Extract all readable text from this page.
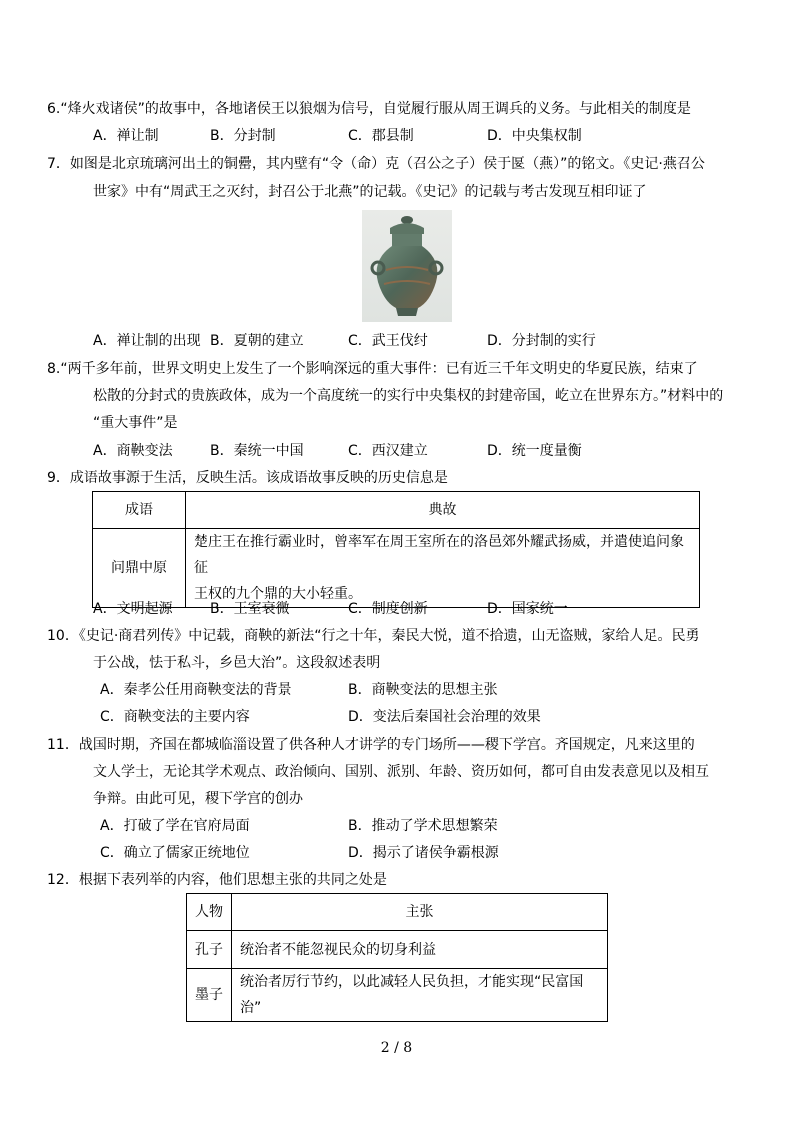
6.“烽火戏诸侯”的故事中，各地诸侯王以狼烟为信号，自觉履行服从周王调兵的义务。与此相关的制度是
A．禅让制	B．分封制	C．郡县制	D．中央集权制
7．如图是北京琉璃河出土的铜罍，其内壁有“令（命）克（召公之子）侯于匽（燕）”的铭文。《史记·燕召公
世家》中有“周武王之灭纣，封召公于北燕”的记载。《史记》的记载与考古发现互相印证了
A．禅让制的出现 B．夏朝的建立	C．武王伐纣	D．分封制的实行
8.“两千多年前，世界文明史上发生了一个影响深远的重大事件：已有近三千年文明史的华夏民族，结束了
松散的分封式的贵族政体，成为一个高度统一的实行中央集权的封建帝国，屹立在世界东方。”材料中的
“重大事件”是
A．商鞅变法	B．秦统一中国	C．西汉建立	D．统一度量衡
9．成语故事源于生活，反映生活。该成语故事反映的历史信息是
成语	典故
问鼎中原	楚庄王在推行霸业时，曾率军在周王室所在的洛邑郊外耀武扬威，并遣使追问象征
王权的九个鼎的大小轻重。
A．文明起源	B．王室衰微	C．制度创新	D．国家统一
10．《史记·商君列传》中记载，商鞅的新法“行之十年，秦民大悦，道不拾遗，山无盗贼，家给人足。民勇
于公战，怯于私斗，乡邑大治”。这段叙述表明
A．秦孝公任用商鞅变法的背景	B．商鞅变法的思想主张
C．商鞅变法的主要内容	D．变法后秦国社会治理的效果
11．战国时期，齐国在都城临淄设置了供各种人才讲学的专门场所——稷下学宫。齐国规定，凡来这里的
文人学士，无论其学术观点、政治倾向、国别、派别、年龄、资历如何，都可自由发表意见以及相互
争辩。由此可见，稷下学宫的创办
A．打破了学在官府局面	B．推动了学术思想繁荣
C．确立了儒家正统地位	D．揭示了诸侯争霸根源
12．根据下表列举的内容，他们思想主张的共同之处是
人物	主张
孔子	统治者不能忽视民众的切身利益
墨子	统治者厉行节约，以此减轻人民负担，才能实现“民富国治”
2 / 8
